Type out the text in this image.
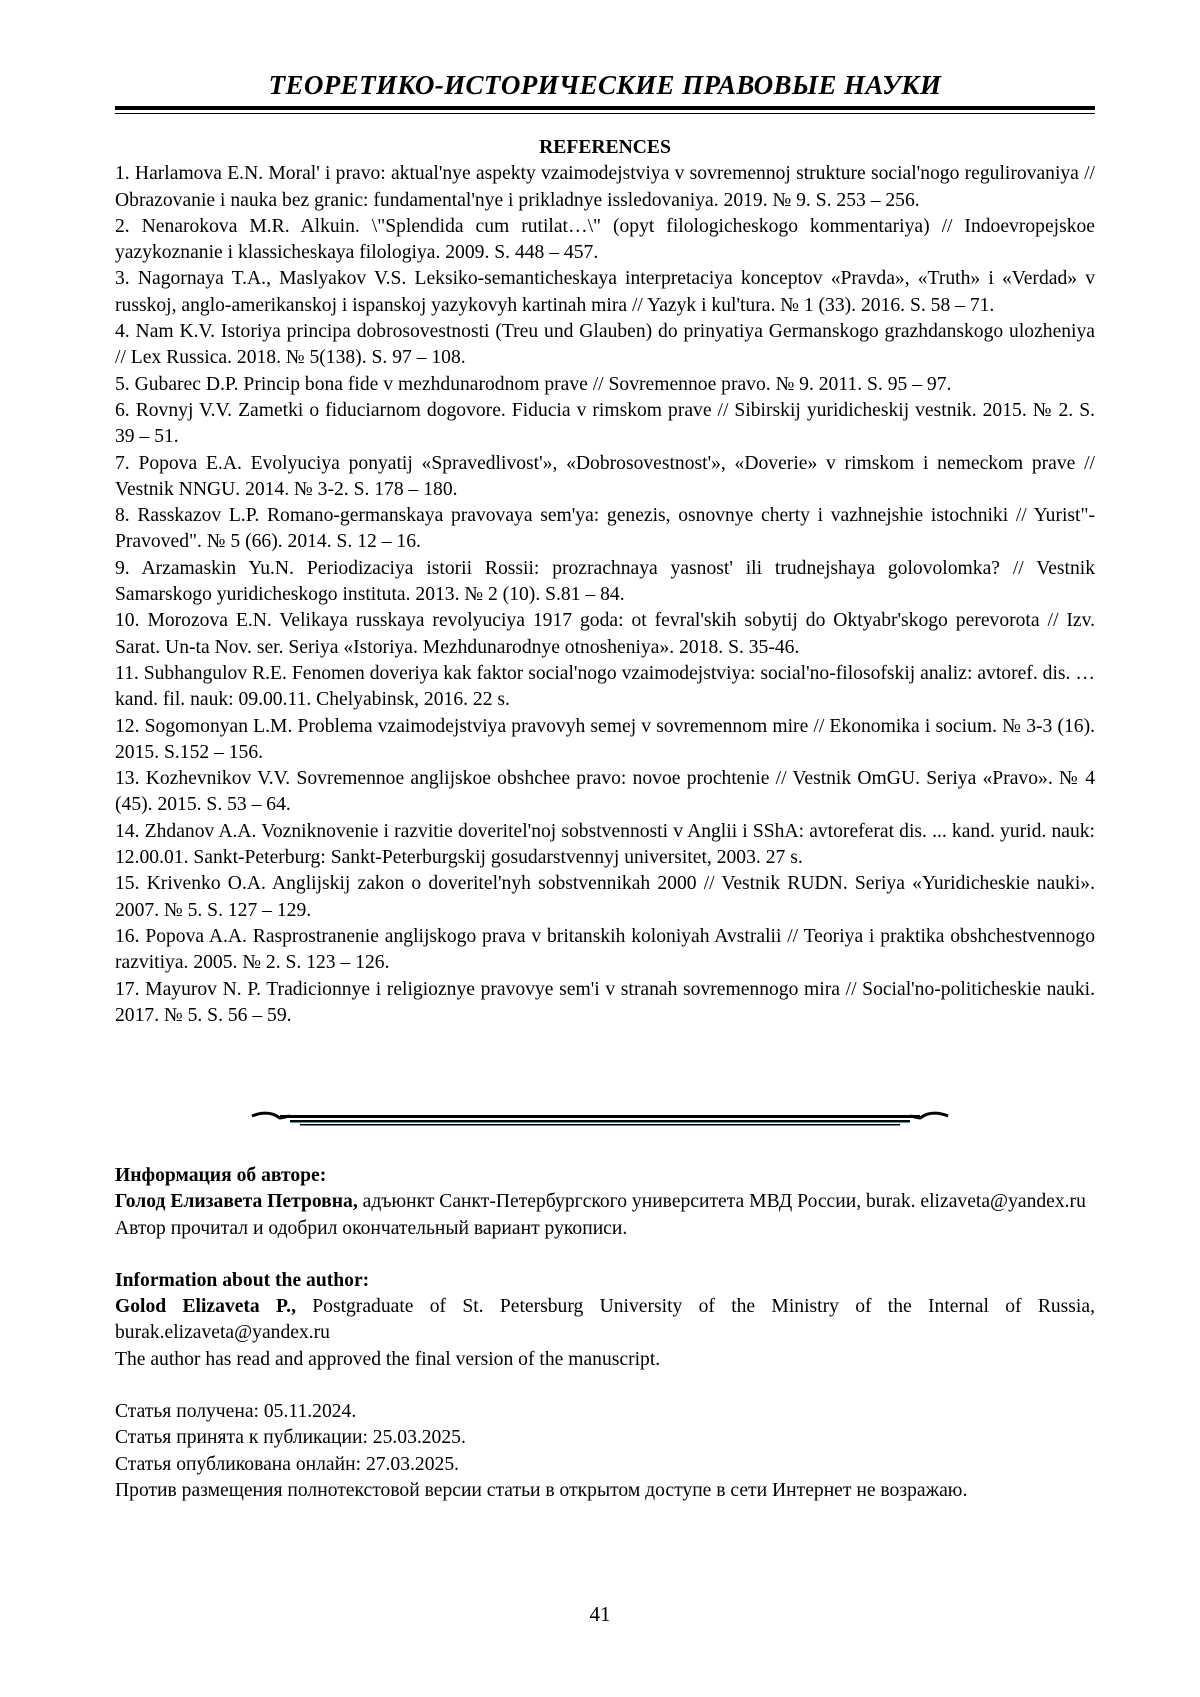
ТЕОРЕТИКО-ИСТОРИЧЕСКИЕ ПРАВОВЫЕ НАУКИ
REFERENCES
1. Harlamova E.N. Moral' i pravo: aktual'nye aspekty vzaimodejstviya v sovremennoj strukture social'nogo regulirovaniya // Obrazovanie i nauka bez granic: fundamental'nye i prikladnye issledovaniya. 2019. № 9. S. 253 – 256.
2. Nenarokova M.R. Alkuin. \"Splendida cum rutilat…\" (opyt filologicheskogo kommentariya) // Indoevropejskoe yazykoznanie i klassicheskaya filologiya. 2009. S. 448 – 457.
3. Nagornaya T.A., Maslyakov V.S. Leksiko-semanticheskaya interpretaciya konceptov «Pravda», «Truth» i «Verdad» v russkoj, anglo-amerikanskoj i ispanskoj yazykovyh kartinah mira // Yazyk i kul'tura. № 1 (33). 2016. S. 58 – 71.
4. Nam K.V. Istoriya principa dobrosovestnosti (Treu und Glauben) do prinyatiya Germanskogo grazhdanskogo ulozheniya // Lex Russica. 2018. № 5(138). S. 97 – 108.
5. Gubarec D.P. Princip bona fide v mezhdunarodnom prave // Sovremennoe pravo. № 9. 2011. S. 95 – 97.
6. Rovnyj V.V. Zametki o fiduciarnom dogovore. Fiducia v rimskom prave // Sibirskij yuridicheskij vestnik. 2015. № 2. S. 39 – 51.
7. Popova E.A. Evolyuciya ponyatij «Spravedlivost'», «Dobrosovestnost'», «Doverie» v rimskom i nemeckom prave // Vestnik NNGU. 2014. № 3-2. S. 178 – 180.
8. Rasskazov L.P. Romano-germanskaya pravovaya sem'ya: genezis, osnovnye cherty i vazhnejshie istochniki // Yurist"-Pravoved". № 5 (66). 2014. S. 12 – 16.
9. Arzamaskin Yu.N. Periodizaciya istorii Rossii: prozrachnaya yasnost' ili trudnejshaya golovolomka? // Vestnik Samarskogo yuridicheskogo instituta. 2013. № 2 (10). S.81 – 84.
10. Morozova E.N. Velikaya russkaya revolyuciya 1917 goda: ot fevral'skih sobytij do Oktyabr'skogo perevorota // Izv. Sarat. Un-ta Nov. ser. Seriya «Istoriya. Mezhdunarodnye otnosheniya». 2018. S. 35-46.
11. Subhangulov R.E. Fenomen doveriya kak faktor social'nogo vzaimodejstviya: social'no-filosofskij analiz: avtoref. dis. … kand. fil. nauk: 09.00.11. Chelyabinsk, 2016. 22 s.
12. Sogomonyan L.M. Problema vzaimodejstviya pravovyh semej v sovremennom mire // Ekonomika i socium. № 3-3 (16). 2015. S.152 – 156.
13. Kozhevnikov V.V. Sovremennoe anglijskoe obshchee pravo: novoe prochtenie // Vestnik OmGU. Seriya «Pravo». № 4 (45). 2015. S. 53 – 64.
14. Zhdanov A.A. Vozniknovenie i razvitie doveritel'noj sobstvennosti v Anglii i SShA: avtoreferat dis. ... kand. yurid. nauk: 12.00.01. Sankt-Peterburg: Sankt-Peterburgskij gosudarstvennyj universitet, 2003. 27 s.
15. Krivenko O.A. Anglijskij zakon o doveritel'nyh sobstvennikah 2000 // Vestnik RUDN. Seriya «Yuridicheskie nauki». 2007. № 5. S. 127 – 129.
16. Popova A.A. Rasprostranenie anglijskogo prava v britanskih koloniyah Avstralii // Teoriya i praktika obshchestvennogo razvitiya. 2005. № 2. S. 123 – 126.
17. Mayurov N. P. Tradicionnye i religioznye pravovye sem'i v stranah sovremennogo mira // Social'no-politicheskie nauki. 2017. № 5. S. 56 – 59.

Информация об авторе:

Голод Елизавета Петровна, адъюнкт Санкт-Петербургского университета МВД России, burak. elizaveta@yandex.ru

Автор прочитал и одобрил окончательный вариант рукописи.

Information about the author:

Golod Elizaveta P., Postgraduate of St. Petersburg University of the Ministry of the Internal of Russia, burak.elizaveta@yandex.ru

The author has read and approved the final version of the manuscript.

Статья получена: 05.11.2024.

Статья принята к публикации: 25.03.2025.

Статья опубликована онлайн: 27.03.2025.

Против размещения полнотекстовой версии статьи в открытом доступе в сети Интернет не возражаю.

41
